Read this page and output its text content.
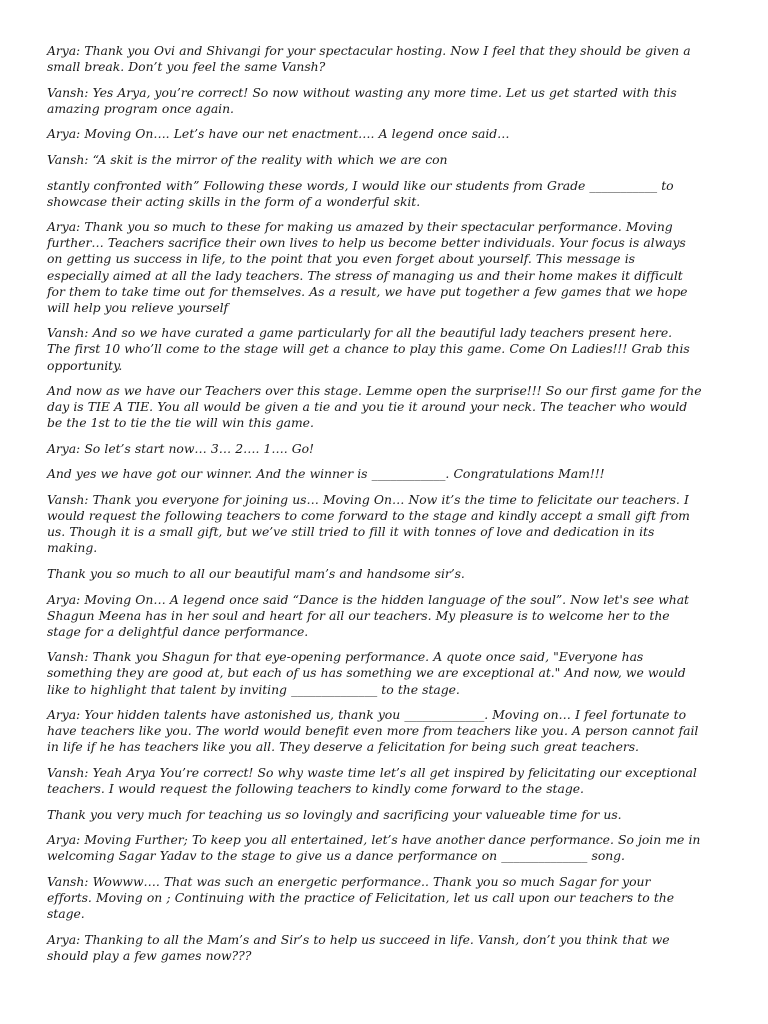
Arya: Thank you Ovi and Shivangi for your spectacular hosting. Now I feel that they should be given a
small break. Don’t you feel the same Vansh?

Vansh: Yes Arya, you’re correct! So now without wasting any more time. Let us get started with this
amazing program once again.

Arya: Moving On…. Let’s have our net enactment…. A legend once said…

Vansh: “A skit is the mirror of the reality with which we are con

stantly confronted with” Following these words, I would like our students from Grade ___________ to
showcase their acting skills in the form of a wonderful skit.

Arya: Thank you so much to these for making us amazed by their spectacular performance. Moving
further… Teachers sacrifice their own lives to help us become better individuals. Your focus is always
on getting us success in life, to the point that you even forget about yourself. This message is
especially aimed at all the lady teachers. The stress of managing us and their home makes it difficult
for them to take time out for themselves. As a result, we have put together a few games that we hope
will help you relieve yourself

Vansh: And so we have curated a game particularly for all the beautiful lady teachers present here.
The first 10 who’ll come to the stage will get a chance to play this game. Come On Ladies!!! Grab this
opportunity.

And now as we have our Teachers over this stage. Lemme open the surprise!!! So our first game for the
day is TIE A TIE. You all would be given a tie and you tie it around your neck. The teacher who would
be the 1st to tie the tie will win this game.

Arya: So let’s start now… 3… 2…. 1…. Go!

And yes we have got our winner. And the winner is ____________. Congratulations Mam!!!

Vansh: Thank you everyone for joining us… Moving On… Now it’s the time to felicitate our teachers. I
would request the following teachers to come forward to the stage and kindly accept a small gift from
us. Though it is a small gift, but we’ve still tried to fill it with tonnes of love and dedication in its
making.

Thank you so much to all our beautiful mam’s and handsome sir’s.

Arya: Moving On… A legend once said “Dance is the hidden language of the soul”. Now let's see what
Shagun Meena has in her soul and heart for all our teachers. My pleasure is to welcome her to the
stage for a delightful dance performance.

Vansh: Thank you Shagun for that eye-opening performance. A quote once said, "Everyone has
something they are good at, but each of us has something we are exceptional at." And now, we would
like to highlight that talent by inviting ______________ to the stage.

Arya: Your hidden talents have astonished us, thank you _____________. Moving on… I feel fortunate to
have teachers like you. The world would benefit even more from teachers like you. A person cannot fail
in life if he has teachers like you all. They deserve a felicitation for being such great teachers.

Vansh: Yeah Arya You’re correct! So why waste time let’s all get inspired by felicitating our exceptional
teachers. I would request the following teachers to kindly come forward to the stage.

Thank you very much for teaching us so lovingly and sacrificing your valueable time for us.

Arya: Moving Further; To keep you all entertained, let’s have another dance performance. So join me in
welcoming Sagar Yadav to the stage to give us a dance performance on ______________ song.

Vansh: Wowww…. That was such an energetic performance.. Thank you so much Sagar for your
efforts. Moving on ; Continuing with the practice of Felicitation, let us call upon our teachers to the
stage.

Arya: Thanking to all the Mam’s and Sir’s to help us succeed in life. Vansh, don’t you think that we
should play a few games now???
